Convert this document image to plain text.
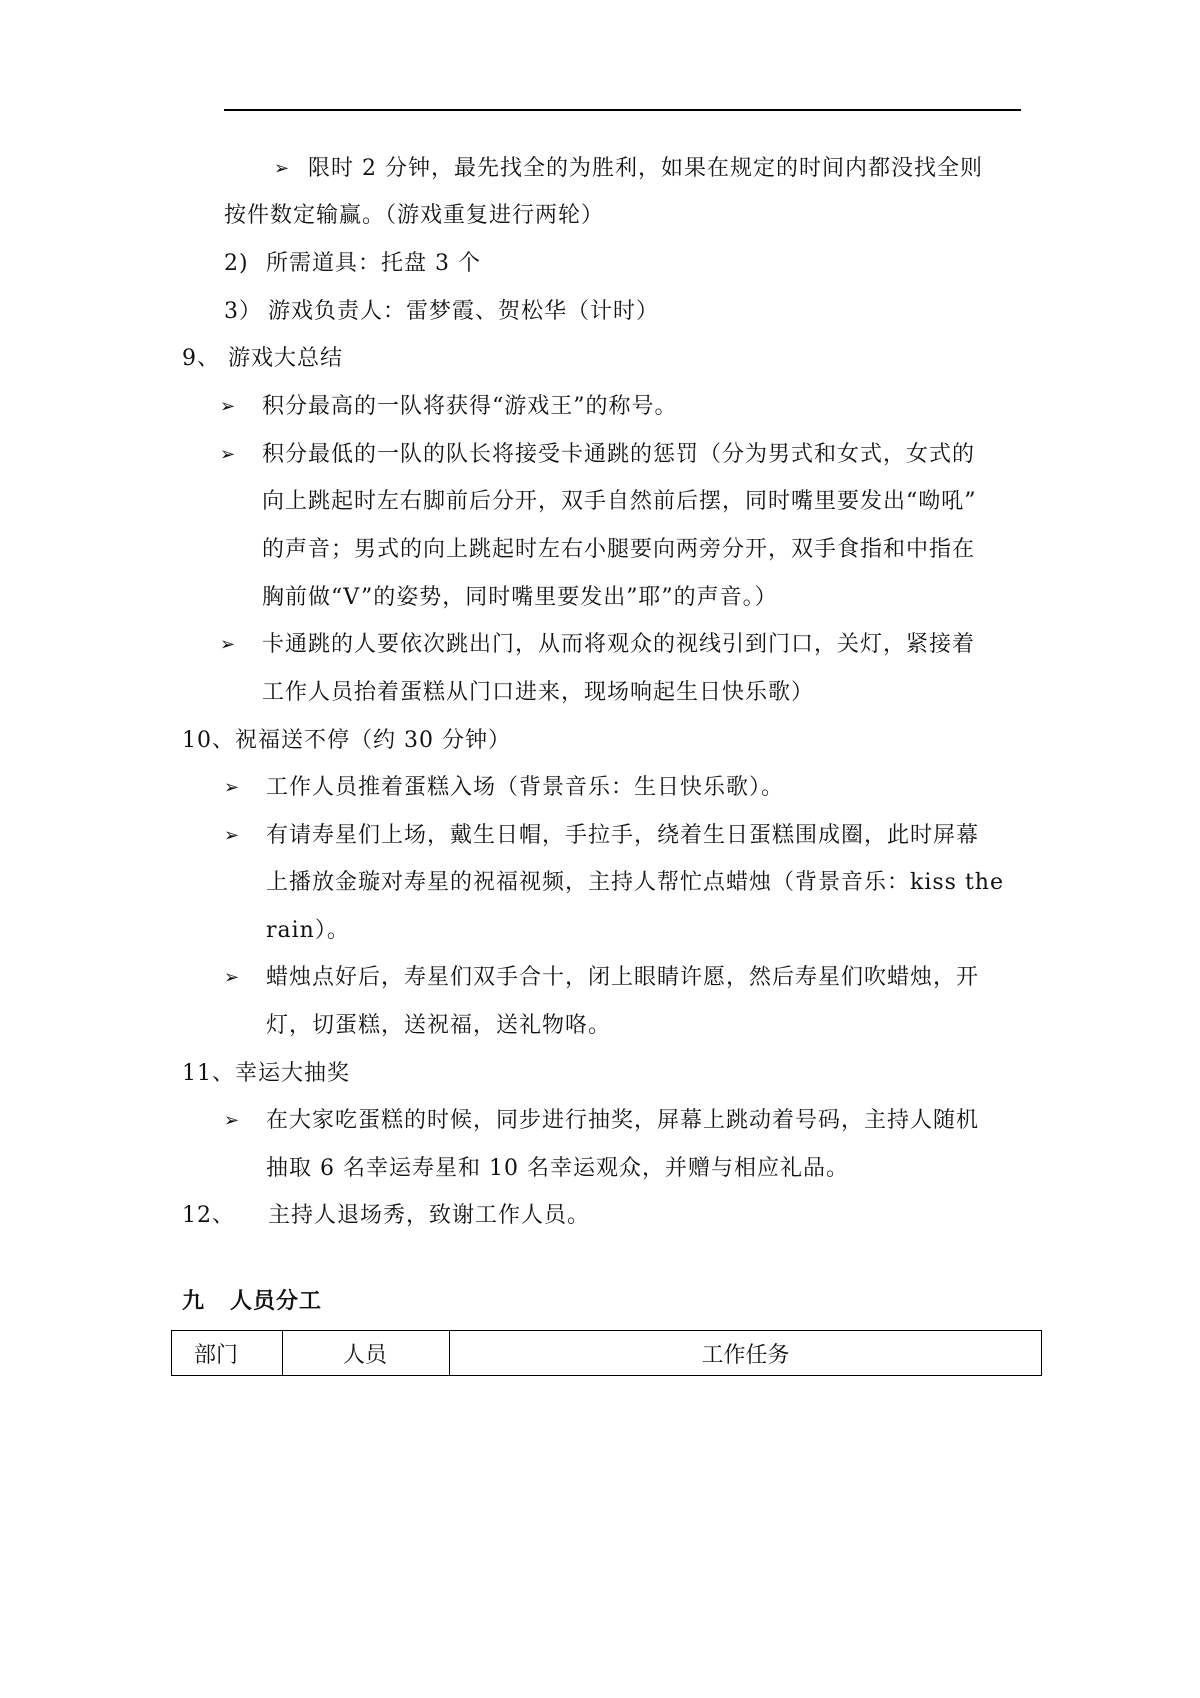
➢ 限时 2 分钟，最先找全的为胜利，如果在规定的时间内都没找全则
按件数定输赢。（游戏重复进行两轮）
2) 所需道具：托盘 3 个
3） 游戏负责人：雷梦霞、贺松华（计时）
9、 游戏大总结
➢ 积分最高的一队将获得“游戏王”的称号。
➢ 积分最低的一队的队长将接受卡通跳的惩罚（分为男式和女式，女式的
向上跳起时左右脚前后分开，双手自然前后摆，同时嘴里要发出“呦吼”
的声音；男式的向上跳起时左右小腿要向两旁分开，双手食指和中指在
胸前做“V”的姿势，同时嘴里要发出”耶”的声音。）
➢ 卡通跳的人要依次跳出门，从而将观众的视线引到门口，关灯，紧接着
工作人员抬着蛋糕从门口进来，现场响起生日快乐歌）
10、祝福送不停（约 30 分钟）
➢ 工作人员推着蛋糕入场（背景音乐：生日快乐歌）。
➢ 有请寿星们上场，戴生日帽，手拉手，绕着生日蛋糕围成圈，此时屏幕
上播放金璇对寿星的祝福视频，主持人帮忙点蜡烛（背景音乐：kiss the
rain）。
➢ 蜡烛点好后，寿星们双手合十，闭上眼睛许愿，然后寿星们吹蜡烛，开
灯，切蛋糕，送祝福，送礼物咯。
11、幸运大抽奖
➢ 在大家吃蛋糕的时候，同步进行抽奖，屏幕上跳动着号码，主持人随机
抽取 6 名幸运寿星和 10 名幸运观众，并赠与相应礼品。
12、 主持人退场秀，致谢工作人员。
九 人员分工
部门	人员	工作任务
